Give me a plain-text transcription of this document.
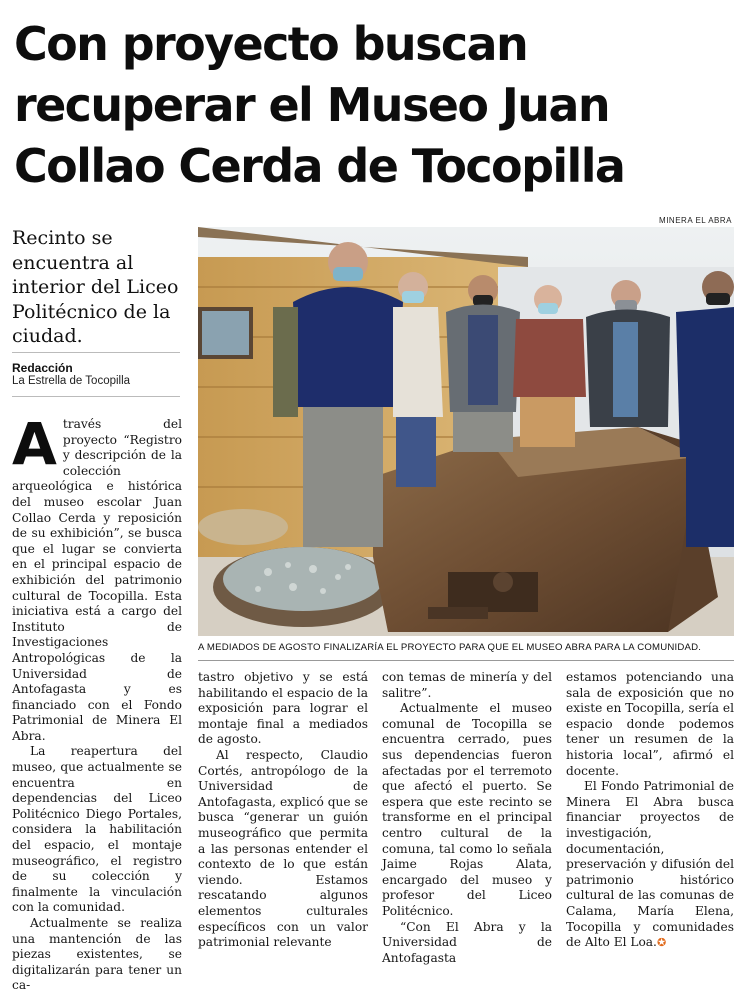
Con proyecto buscan recuperar el Museo Juan Collao Cerda de Tocopilla
MINERA EL ABRA
Recinto se encuentra al interior del Liceo Politécnico de la ciudad.
Redacción
La Estrella de Tocopilla

Através del proyecto “Registro y descripción de la colección arqueológica e histórica del museo escolar Juan Collao Cerda y reposición de su exhibición”, se busca que el lugar se convierta en el principal espacio de exhibición del patrimonio cultural de Tocopilla. Esta iniciativa está a cargo del Instituto de Investigaciones Antropológicas de la Universidad de Antofagasta y es financiado con el Fondo Patrimonial de Minera El Abra.

La reapertura del museo, que actualmente se encuentra en dependencias del Liceo Politécnico Diego Portales, considera la habilitación del espacio, el montaje museográfico, el registro de su colección y finalmente la vinculación con la comunidad.

Actualmente se realiza una mantención de las piezas existentes, se digitalizarán para tener un ca-

A MEDIADOS DE AGOSTO FINALIZARÍA EL PROYECTO PARA QUE EL MUSEO ABRA PARA LA COMUNIDAD.

tastro objetivo y se está habilitando el espacio de la exposición para lograr el montaje final a mediados de agosto.

Al respecto, Claudio Cortés, antropólogo de la Universidad de Antofagasta, explicó que se busca “generar un guión museográfico que permita a las personas entender el contexto de lo que están viendo. Estamos rescatando algunos elementos culturales específicos con un valor patrimonial relevante

con temas de minería y del salitre”.

Actualmente el museo comunal de Tocopilla se encuentra cerrado, pues sus dependencias fueron afectadas por el terremoto que afectó el puerto. Se espera que este recinto se transforme en el principal centro cultural de la comuna, tal como lo señala Jaime Rojas Alata, encargado del museo y profesor del Liceo Politécnico.

“Con El Abra y la Universidad de Antofagasta

estamos potenciando una sala de exposición que no existe en Tocopilla, sería el espacio donde podemos tener un resumen de la historia local”, afirmó el docente.

El Fondo Patrimonial de Minera El Abra busca financiar proyectos de investigación, documentación, preservación y difusión del patrimonio histórico cultural de las comunas de Calama, María Elena, Tocopilla y comunidades de Alto El Loa.✪
